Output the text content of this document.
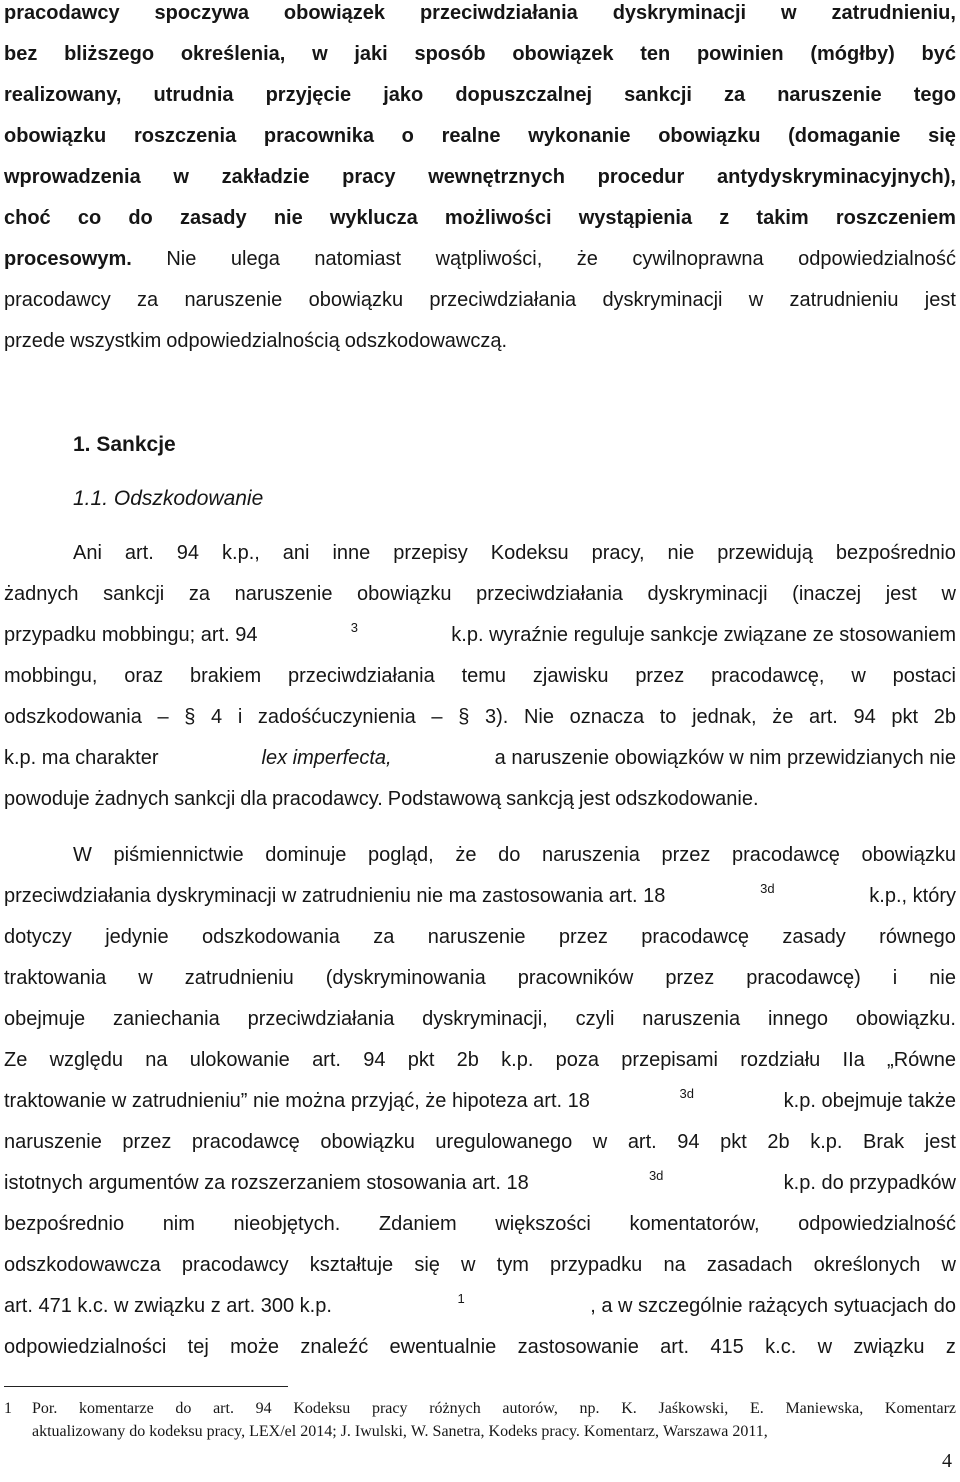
pracodawcy spoczywa obowiązek przeciwdziałania dyskryminacji w zatrudnieniu,
bez bliższego określenia, w jaki sposób obowiązek ten powinien (mógłby) być
realizowany, utrudnia przyjęcie jako dopuszczalnej sankcji za naruszenie tego
obowiązku roszczenia pracownika o realne wykonanie obowiązku (domaganie się
wprowadzenia w zakładzie pracy wewnętrznych procedur antydyskryminacyjnych),
choć co do zasady nie wyklucza możliwości wystąpienia z takim roszczeniem
procesowym. Nie ulega natomiast wątpliwości, że cywilnoprawna odpowiedzialność
pracodawcy za naruszenie obowiązku przeciwdziałania dyskryminacji w zatrudnieniu jest
przede wszystkim odpowiedzialnością odszkodowawczą.
1. Sankcje
1.1. Odszkodowanie
Ani art. 94 k.p., ani inne przepisy Kodeksu pracy, nie przewidują bezpośrednio
żadnych sankcji za naruszenie obowiązku przeciwdziałania dyskryminacji (inaczej jest w
przypadku mobbingu; art. 94	$^3$	k.p. wyraźnie reguluje sankcje związane ze stosowaniem
mobbingu, oraz brakiem przeciwdziałania temu zjawisku przez pracodawcę, w postaci
odszkodowania – § 4 i zadośćuczynienia – § 3). Nie oznacza to jednak, że art. 94 pkt 2b
k.p. ma charakter	lex imperfecta,	a naruszenie obowiązków w nim przewidzianych nie
powoduje żadnych sankcji dla pracodawcy. Podstawową sankcją jest odszkodowanie.
W piśmiennictwie dominuje pogląd, że do naruszenia przez pracodawcę obowiązku
przeciwdziałania dyskryminacji w zatrudnieniu nie ma zastosowania art. 18	$^{3d}$	k.p., który
dotyczy jedynie odszkodowania za naruszenie przez pracodawcę zasady równego
traktowania w zatrudnieniu (dyskryminowania pracowników przez pracodawcę) i nie
obejmuje zaniechania przeciwdziałania dyskryminacji, czyli naruszenia innego obowiązku.
Ze względu na ulokowanie art. 94 pkt 2b k.p. poza przepisami rozdziału IIa „Równe
traktowanie w zatrudnieniu” nie można przyjąć, że hipoteza art. 18	$^{3d}$	k.p. obejmuje także
naruszenie przez pracodawcę obowiązku uregulowanego w art. 94 pkt 2b k.p. Brak jest
istotnych argumentów za rozszerzaniem stosowania art. 18	$^{3d}$	k.p. do przypadków
bezpośrednio nim nieobjętych. Zdaniem większości komentatorów, odpowiedzialność
odszkodowawcza pracodawcy kształtuje się w tym przypadku na zasadach określonych w
art. 471 k.c. w związku z art. 300 k.p.	$^1$	, a w szczególnie rażących sytuacjach do
odpowiedzialności tej może znaleźć ewentualnie zastosowanie art. 415 k.c. w związku z
1 Por. komentarze do art. 94 Kodeksu pracy różnych autorów, np. K. Jaśkowski, E. Maniewska, Komentarz
aktualizowany do kodeksu pracy, LEX/el 2014; J. Iwulski, W. Sanetra, Kodeks pracy. Komentarz, Warszawa 2011,
4
